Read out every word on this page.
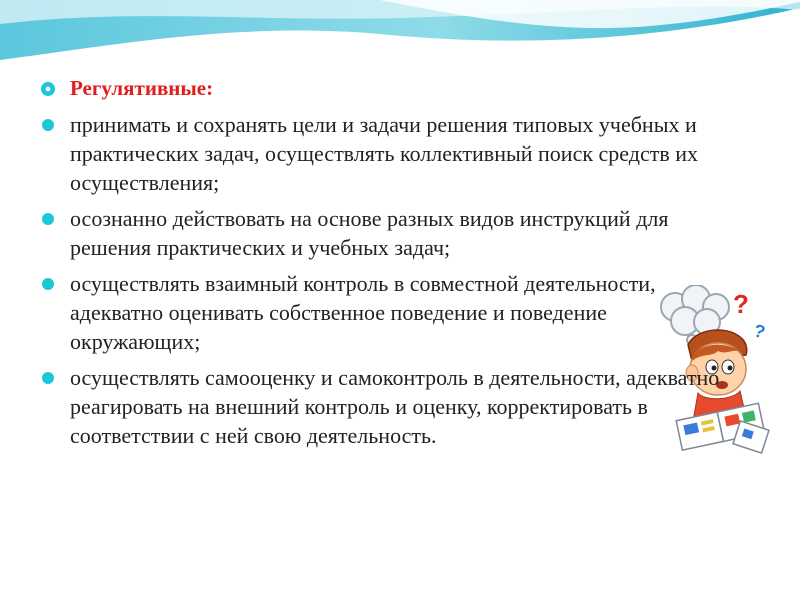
Регулятивные:
принимать и сохранять цели и задачи решения типовых учебных и практических задач, осуществлять коллективный поиск средств их осуществления;
осознанно действовать на основе разных видов инструкций для решения практических и учебных задач;
осуществлять взаимный контроль в совместной деятельности, адекватно оценивать собственное поведение и поведение окружающих;
осуществлять самооценку и самоконтроль в деятельности, адекватно реагировать на внешний контроль и оценку, корректировать в соответствии с ней свою деятельность.
?
?
